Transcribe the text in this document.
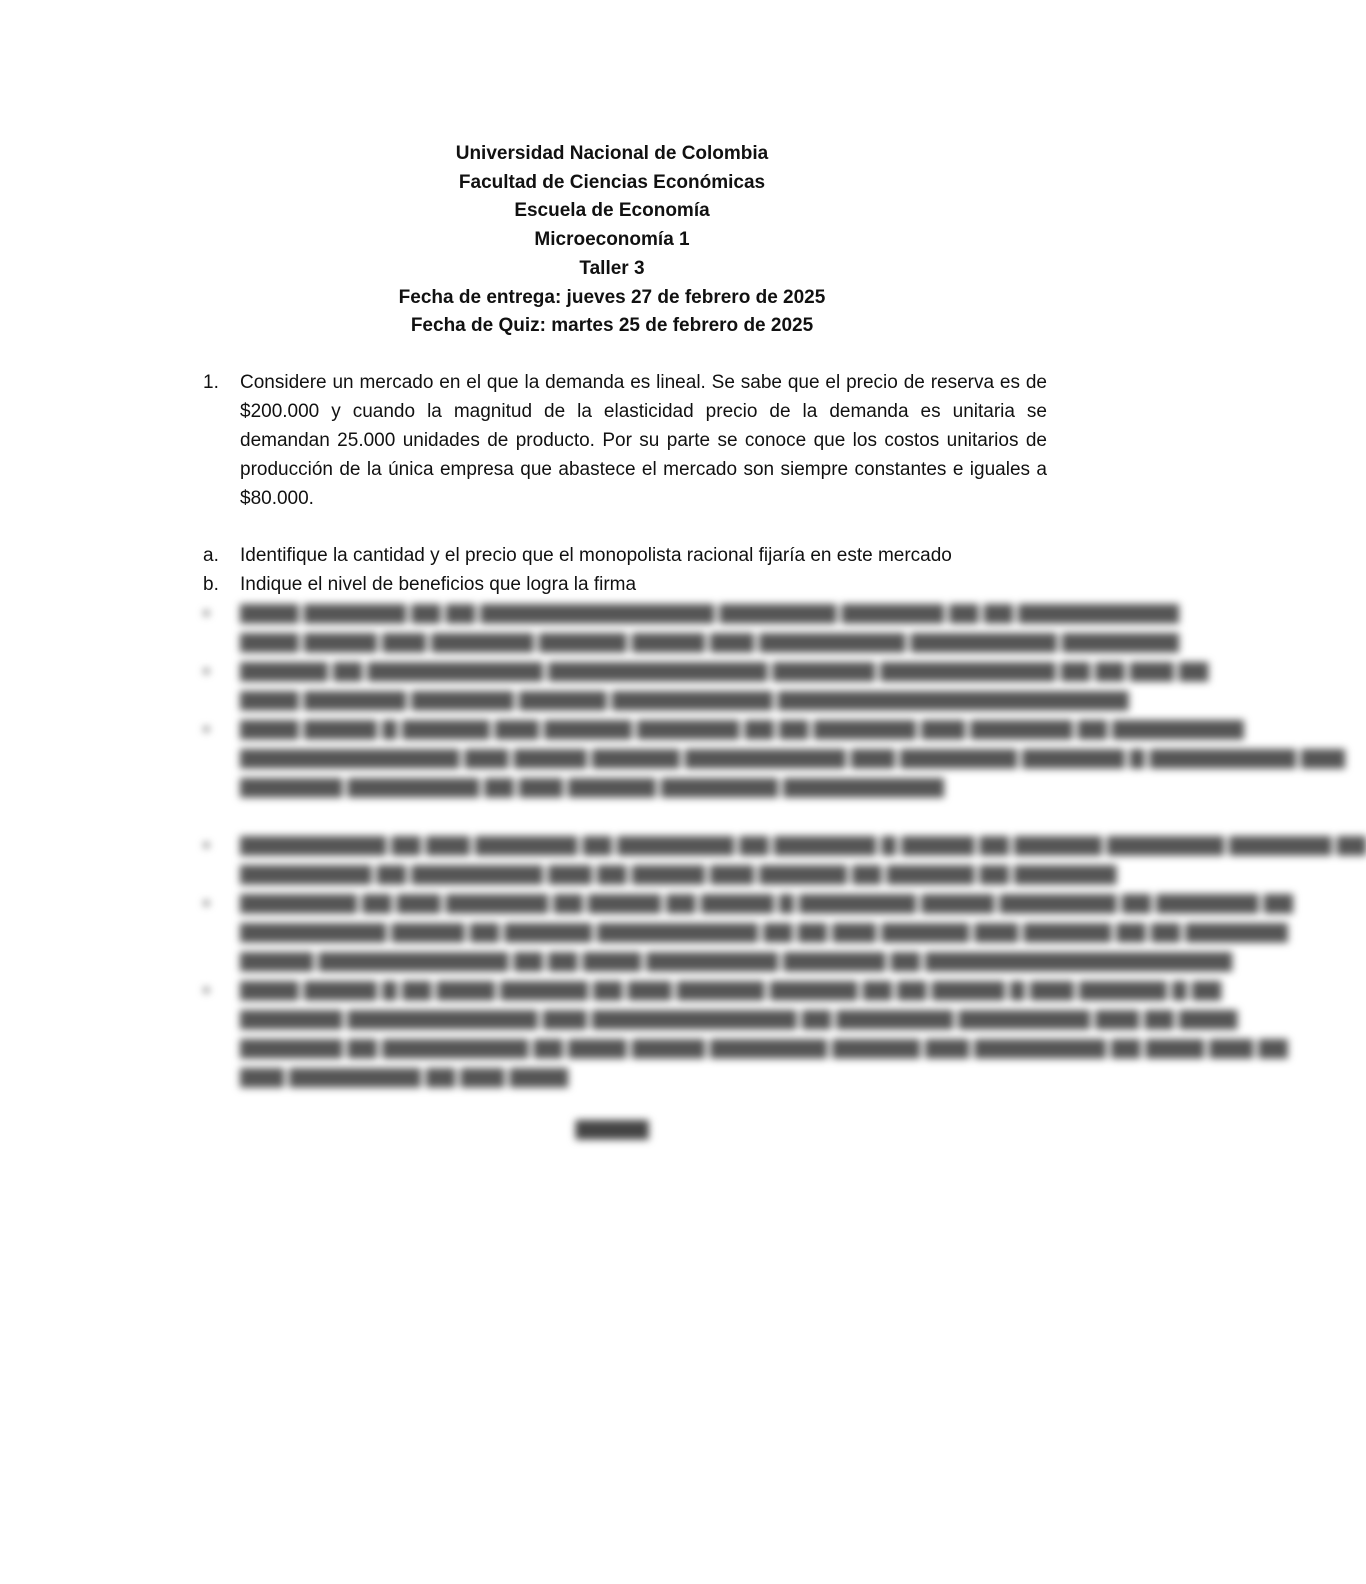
Universidad Nacional de Colombia
Facultad de Ciencias Económicas
Escuela de Economía
Microeconomía 1
Taller 3
Fecha de entrega: jueves 27 de febrero de 2025
Fecha de Quiz: martes 25 de febrero de 2025
1. Considere un mercado en el que la demanda es lineal. Se sabe que el precio de reserva es de $200.000 y cuando la magnitud de la elasticidad precio de la demanda es unitaria se demandan 25.000 unidades de producto. Por su parte se conoce que los costos unitarios de producción de la única empresa que abastece el mercado son siempre constantes e iguales a $80.000.
a. Identifique la cantidad y el precio que el monopolista racional fijaría en este mercado
b. Indique el nivel de beneficios que logra la firma
▪ ▇▇▇▇ ▇▇▇▇▇▇▇ ▇▇ ▇▇ ▇▇▇▇▇▇▇▇▇▇▇▇▇▇▇▇ ▇▇▇▇▇▇▇▇ ▇▇▇▇▇▇▇ ▇▇ ▇▇ ▇▇▇▇▇▇▇▇▇▇▇
▇▇▇▇ ▇▇▇▇▇ ▇▇▇ ▇▇▇▇▇▇▇ ▇▇▇▇▇▇ ▇▇▇▇▇ ▇▇▇ ▇▇▇▇▇▇▇▇▇▇ ▇▇▇▇▇▇▇▇▇▇ ▇▇▇▇▇▇▇▇
▪ ▇▇▇▇▇▇ ▇▇ ▇▇▇▇▇▇▇▇▇▇▇▇ ▇▇▇▇▇▇▇▇▇▇▇▇▇▇▇ ▇▇▇▇▇▇▇ ▇▇▇▇▇▇▇▇▇▇▇▇ ▇▇ ▇▇ ▇▇▇ ▇▇
▇▇▇▇ ▇▇▇▇▇▇▇ ▇▇▇▇▇▇▇ ▇▇▇▇▇▇ ▇▇▇▇▇▇▇▇▇▇▇ ▇▇▇▇▇▇▇▇▇▇▇▇▇▇▇▇▇▇▇▇▇▇▇▇
▪ ▇▇▇▇ ▇▇▇▇▇ ▇ ▇▇▇▇▇▇ ▇▇▇ ▇▇▇▇▇▇ ▇▇▇▇▇▇▇ ▇▇ ▇▇ ▇▇▇▇▇▇▇ ▇▇▇ ▇▇▇▇▇▇▇ ▇▇ ▇▇▇▇▇▇▇▇▇
▇▇▇▇▇▇▇▇▇▇▇▇▇▇▇ ▇▇▇ ▇▇▇▇▇ ▇▇▇▇▇▇ ▇▇▇▇▇▇▇▇▇▇▇ ▇▇▇ ▇▇▇▇▇▇▇▇ ▇▇▇▇▇▇▇ ▇ ▇▇▇▇▇▇▇▇▇▇ ▇▇▇
▇▇▇▇▇▇▇ ▇▇▇▇▇▇▇▇▇ ▇▇ ▇▇▇ ▇▇▇▇▇▇ ▇▇▇▇▇▇▇▇ ▇▇▇▇▇▇▇▇▇▇▇
▪ ▇▇▇▇▇▇▇▇▇▇ ▇▇ ▇▇▇ ▇▇▇▇▇▇▇ ▇▇ ▇▇▇▇▇▇▇▇ ▇▇ ▇▇▇▇▇▇▇ ▇ ▇▇▇▇▇ ▇▇ ▇▇▇▇▇▇ ▇▇▇▇▇▇▇▇ ▇▇▇▇▇▇▇ ▇▇
▇▇▇▇▇▇▇▇▇ ▇▇ ▇▇▇▇▇▇▇▇▇ ▇▇▇ ▇▇ ▇▇▇▇▇ ▇▇▇ ▇▇▇▇▇▇ ▇▇ ▇▇▇▇▇▇ ▇▇ ▇▇▇▇▇▇▇
▪ ▇▇▇▇▇▇▇▇ ▇▇ ▇▇▇ ▇▇▇▇▇▇▇ ▇▇ ▇▇▇▇▇ ▇▇ ▇▇▇▇▇ ▇ ▇▇▇▇▇▇▇▇ ▇▇▇▇▇ ▇▇▇▇▇▇▇▇ ▇▇ ▇▇▇▇▇▇▇ ▇▇
▇▇▇▇▇▇▇▇▇▇ ▇▇▇▇▇ ▇▇ ▇▇▇▇▇▇ ▇▇▇▇▇▇▇▇▇▇▇ ▇▇ ▇▇ ▇▇▇ ▇▇▇▇▇▇ ▇▇▇ ▇▇▇▇▇▇ ▇▇ ▇▇ ▇▇▇▇▇▇▇
▇▇▇▇▇ ▇▇▇▇▇▇▇▇▇▇▇▇▇ ▇▇ ▇▇ ▇▇▇▇ ▇▇▇▇▇▇▇▇▇ ▇▇▇▇▇▇▇ ▇▇ ▇▇▇▇▇▇▇▇▇▇▇▇▇▇▇▇▇▇▇▇▇
▪ ▇▇▇▇ ▇▇▇▇▇ ▇ ▇▇ ▇▇▇▇ ▇▇▇▇▇▇ ▇▇ ▇▇▇ ▇▇▇▇▇▇ ▇▇▇▇▇▇ ▇▇ ▇▇ ▇▇▇▇▇ ▇ ▇▇▇ ▇▇▇▇▇▇ ▇ ▇▇
▇▇▇▇▇▇▇ ▇▇▇▇▇▇▇▇▇▇▇▇▇ ▇▇▇ ▇▇▇▇▇▇▇▇▇▇▇▇▇▇ ▇▇ ▇▇▇▇▇▇▇▇ ▇▇▇▇▇▇▇▇▇ ▇▇▇ ▇▇ ▇▇▇▇
▇▇▇▇▇▇▇ ▇▇ ▇▇▇▇▇▇▇▇▇▇ ▇▇ ▇▇▇▇ ▇▇▇▇▇ ▇▇▇▇▇▇▇▇ ▇▇▇▇▇▇ ▇▇▇ ▇▇▇▇▇▇▇▇▇ ▇▇ ▇▇▇▇ ▇▇▇ ▇▇
▇▇▇ ▇▇▇▇▇▇▇▇▇ ▇▇ ▇▇▇ ▇▇▇▇
▇▇▇▇▇
